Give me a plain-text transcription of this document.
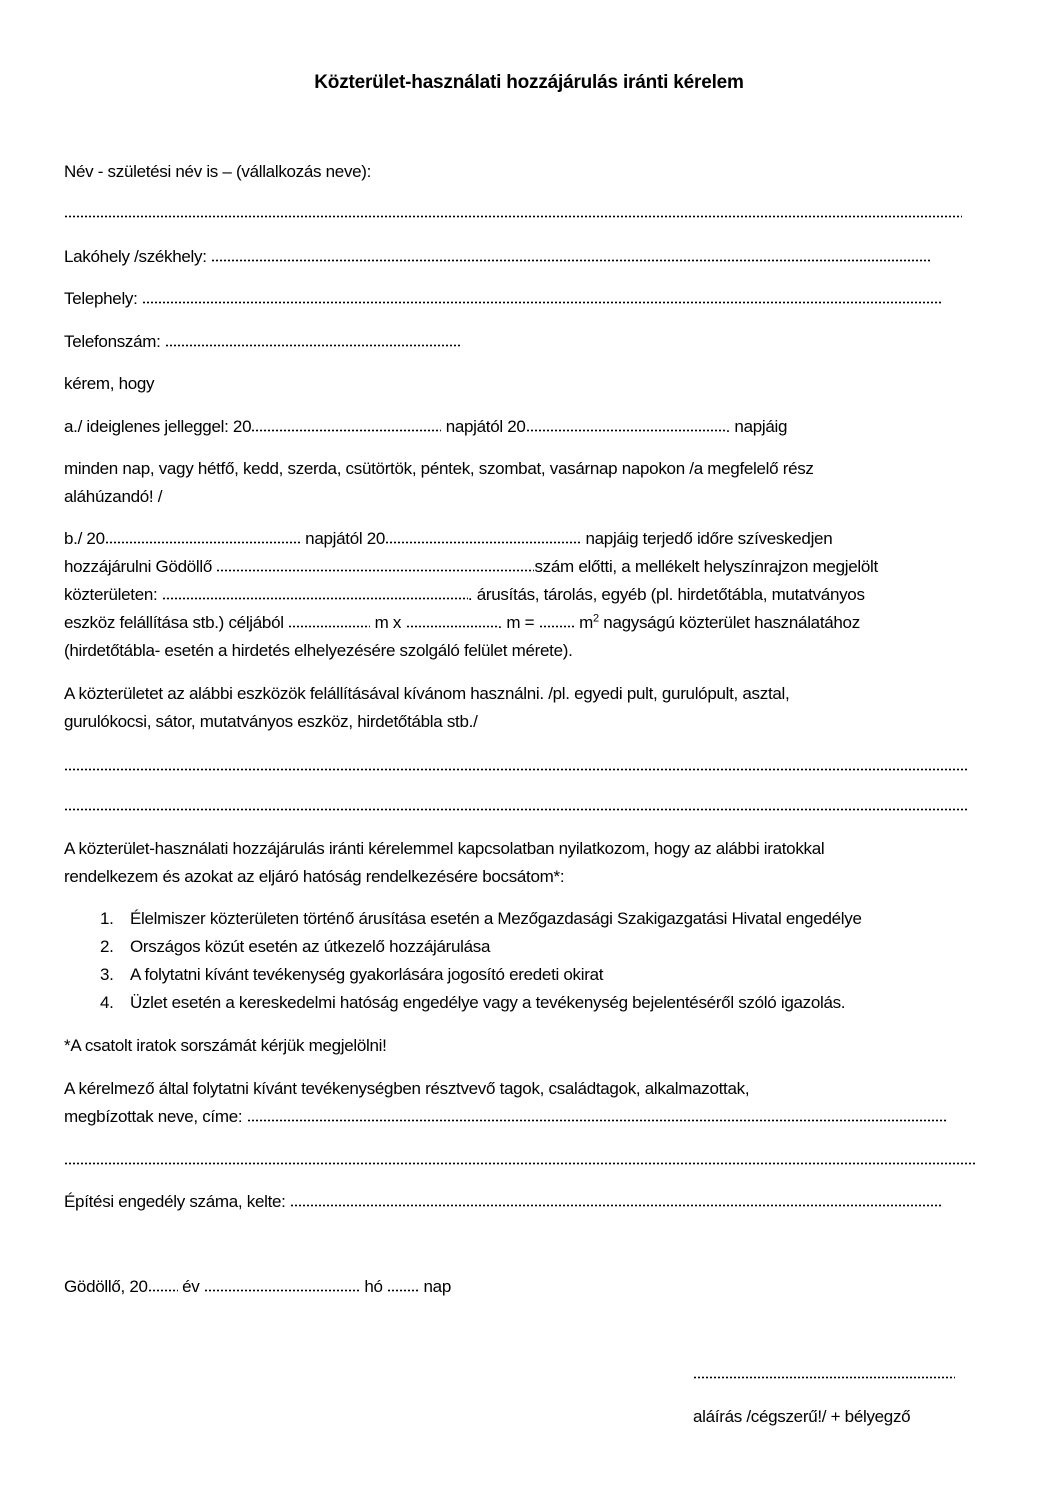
Közterület-használati hozzájárulás iránti kérelem
Név - születési név is – (vállalkozás neve):
Lakóhely /székhely:
Telephely:
Telefonszám:
kérem, hogy
a./ ideiglenes jelleggel: 20	napjától 20	. napjáig
minden nap, vagy hétfő, kedd, szerda, csütörtök, péntek, szombat, vasárnap napokon /a megfelelő rész
aláhúzandó! /
b./ 20	napjától 20	napjáig terjedő időre szíveskedjen
hozzájárulni Gödöllő	szám előtti, a mellékelt helyszínrajzon megjelölt
közterületen:	. árusítás, tárolás, egyéb (pl. hirdetőtábla, mutatványos
eszköz felállítása stb.) céljából	m x	. m =	$m^2$ nagyságú közterület használatához
(hirdetőtábla- esetén a hirdetés elhelyezésére szolgáló felület mérete).
A közterületet az alábbi eszközök felállításával kívánom használni. /pl. egyedi pult, gurulópult, asztal,
gurulókocsi, sátor, mutatványos eszköz, hirdetőtábla stb./
A közterület-használati hozzájárulás iránti kérelemmel kapcsolatban nyilatkozom, hogy az alábbi iratokkal
rendelkezem és azokat az eljáró hatóság rendelkezésére bocsátom*:
1. Élelmiszer közterületen történő árusítása esetén a Mezőgazdasági Szakigazgatási Hivatal engedélye
2. Országos közút esetén az útkezelő hozzájárulása
3. A folytatni kívánt tevékenység gyakorlására jogosító eredeti okirat
4. Üzlet esetén a kereskedelmi hatóság engedélye vagy a tevékenység bejelentéséről szóló igazolás.
*A csatolt iratok sorszámát kérjük megjelölni!
A kérelmező által folytatni kívánt tevékenységben résztvevő tagok, családtagok, alkalmazottak,
megbízottak neve, címe:
Építési engedély száma, kelte:
Gödöllő, 20 év	hó nap
aláírás /cégszerű!/ + bélyegző
